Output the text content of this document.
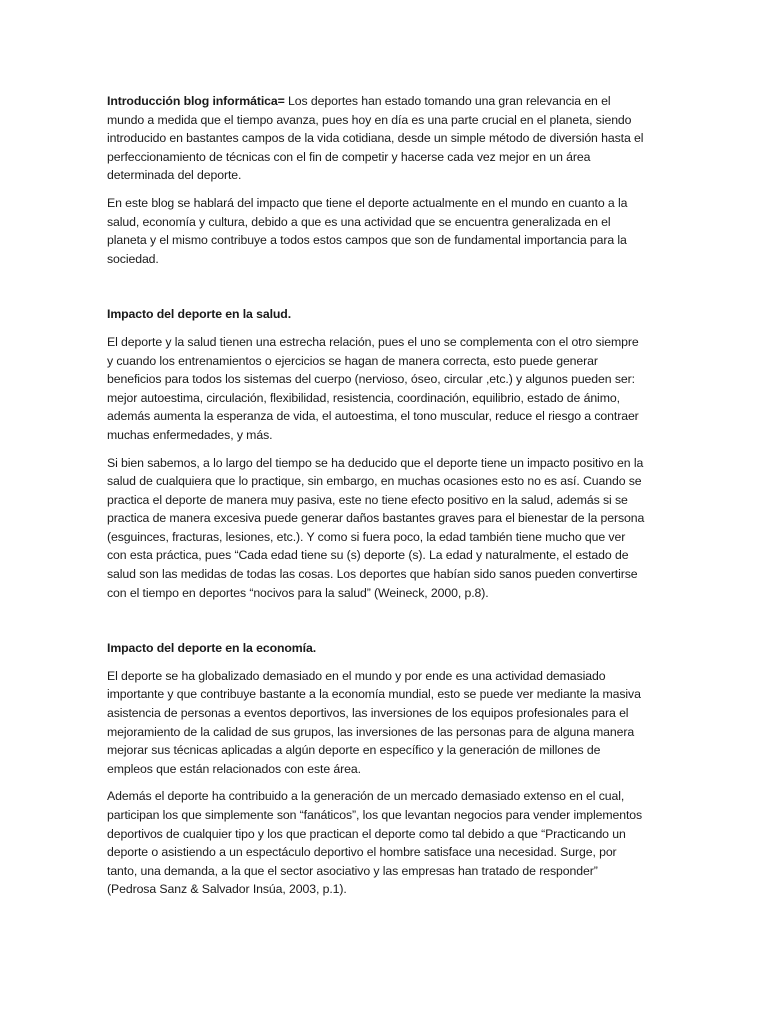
Introducción blog informática= Los deportes han estado tomando una gran relevancia en el mundo a medida que el tiempo avanza, pues hoy en día es una parte crucial en el planeta, siendo introducido en bastantes campos de la vida cotidiana, desde un simple método de diversión hasta el perfeccionamiento de técnicas con el fin de competir y hacerse cada vez mejor en un área determinada del deporte.

En este blog se hablará del impacto que tiene el deporte actualmente en el mundo en cuanto a la salud, economía y cultura, debido a que es una actividad que se encuentra generalizada en el planeta y el mismo contribuye a todos estos campos que son de fundamental importancia para la sociedad.

Impacto del deporte en la salud.

El deporte y la salud tienen una estrecha relación, pues el uno se complementa con el otro siempre y cuando los entrenamientos o ejercicios se hagan de manera correcta, esto puede generar beneficios para todos los sistemas del cuerpo (nervioso, óseo, circular ,etc.) y algunos pueden ser: mejor autoestima, circulación, flexibilidad, resistencia, coordinación, equilibrio, estado de ánimo, además aumenta la esperanza de vida, el autoestima, el tono muscular, reduce el riesgo a contraer muchas enfermedades, y más.

Si bien sabemos, a lo largo del tiempo se ha deducido que el deporte tiene un impacto positivo en la salud de cualquiera que lo practique, sin embargo, en muchas ocasiones esto no es así. Cuando se practica el deporte de manera muy pasiva, este no tiene efecto positivo en la salud, además si se practica de manera excesiva puede generar daños bastantes graves para el bienestar de la persona (esguinces, fracturas, lesiones, etc.). Y como si fuera poco, la edad también tiene mucho que ver con esta práctica, pues “Cada edad tiene su (s) deporte (s). La edad y naturalmente, el estado de salud son las medidas de todas las cosas. Los deportes que habían sido sanos pueden convertirse con el tiempo en deportes “nocivos para la salud” (Weineck, 2000, p.8).

Impacto del deporte en la economía.

El deporte se ha globalizado demasiado en el mundo y por ende es una actividad demasiado importante y que contribuye bastante a la economía mundial, esto se puede ver mediante la masiva asistencia de personas a eventos deportivos, las inversiones de los equipos profesionales para el mejoramiento de la calidad de sus grupos, las inversiones de las personas para de alguna manera mejorar sus técnicas aplicadas a algún deporte en específico y la generación de millones de empleos que están relacionados con este área.

Además el deporte ha contribuido a la generación de un mercado demasiado extenso en el cual, participan los que simplemente son “fanáticos”, los que levantan negocios para vender implementos deportivos de cualquier tipo y los que practican el deporte como tal debido a que “Practicando un deporte o asistiendo a un espectáculo deportivo el hombre satisface una necesidad. Surge, por tanto, una demanda, a la que el sector asociativo y las empresas han tratado de responder” (Pedrosa Sanz & Salvador Insúa, 2003, p.1).
